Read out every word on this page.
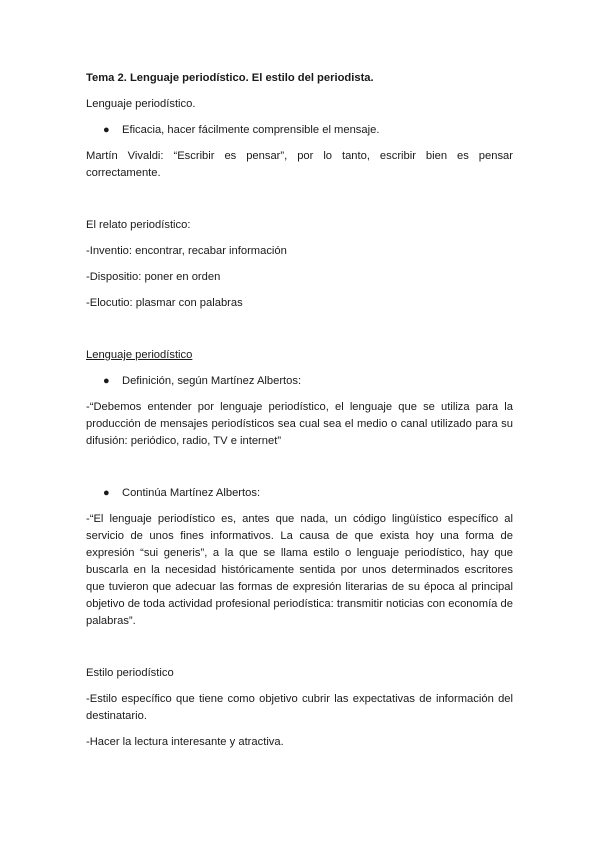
Tema 2. Lenguaje periodístico. El estilo del periodista.

Lenguaje periodístico.

● Eficacia, hacer fácilmente comprensible el mensaje.

Martín Vivaldi: “Escribir es pensar”, por lo tanto, escribir bien es pensar correctamente.

El relato periodístico:

-Inventio: encontrar, recabar información

-Dispositio: poner en orden

-Elocutio: plasmar con palabras

Lenguaje periodístico

● Definición, según Martínez Albertos:

-“Debemos entender por lenguaje periodístico, el lenguaje que se utiliza para la producción de mensajes periodísticos sea cual sea el medio o canal utilizado para su difusión: periódico, radio, TV e internet”

● Continúa Martínez Albertos:

-“El lenguaje periodístico es, antes que nada, un código lingüístico específico al servicio de unos fines informativos. La causa de que exista hoy una forma de expresión “sui generis”, a la que se llama estilo o lenguaje periodístico, hay que buscarla en la necesidad históricamente sentida por unos determinados escritores que tuvieron que adecuar las formas de expresión literarias de su época al principal objetivo de toda actividad profesional periodística: transmitir noticias con economía de palabras”.

Estilo periodístico

-Estilo específico que tiene como objetivo cubrir las expectativas de información del destinatario.

-Hacer la lectura interesante y atractiva.
